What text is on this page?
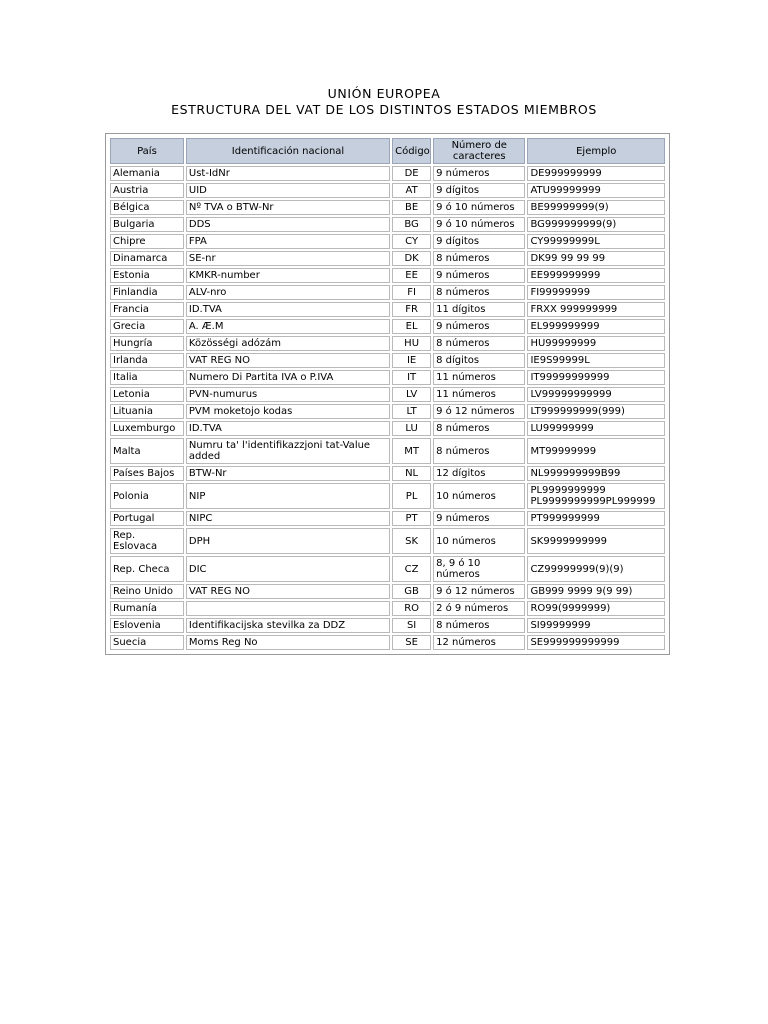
UNIÓN EUROPEA
ESTRUCTURA DEL VAT DE LOS DISTINTOS ESTADOS MIEMBROS
País	Identificación nacional	Código	Número de caracteres	Ejemplo
Alemania	Ust-IdNr	DE	9 números	DE999999999
Austria	UID	AT	9 dígitos	ATU99999999
Bélgica	Nº TVA o BTW-Nr	BE	9 ó 10 números	BE99999999(9)
Bulgaria	DDS	BG	9 ó 10 números	BG999999999(9)
Chipre	FPA	CY	9 dígitos	CY99999999L
Dinamarca	SE-nr	DK	8 números	DK99 99 99 99
Estonia	KMKR-number	EE	9 números	EE999999999
Finlandia	ALV-nro	FI	8 números	FI99999999
Francia	ID.TVA	FR	11 dígitos	FRXX 999999999
Grecia	A. Æ.M	EL	9 números	EL999999999
Hungría	Közösségi adózám	HU	8 números	HU99999999
Irlanda	VAT REG NO	IE	8 dígitos	IE9S99999L
Italia	Numero Di Partita IVA o P.IVA	IT	11 números	IT99999999999
Letonia	PVN-numurus	LV	11 números	LV99999999999
Lituania	PVM moketojo kodas	LT	9 ó 12 números	LT999999999(999)
Luxemburgo	ID.TVA	LU	8 números	LU99999999
Malta	Numru ta' l'identifikazzjoni tat-Value added	MT	8 números	MT99999999
Países Bajos	BTW-Nr	NL	12 dígitos	NL999999999B99
Polonia	NIP	PL	10 números	PL9999999999 PL9999999999PL999999
Portugal	NIPC	PT	9 números	PT999999999
Rep. Eslovaca	DPH	SK	10 números	SK9999999999
Rep. Checa	DIC	CZ	8, 9 ó 10 números	CZ99999999(9)(9)
Reino Unido	VAT REG NO	GB	9 ó 12 números	GB999 9999 9(9 99)
Rumanía		RO	2 ó 9 números	RO99(9999999)
Eslovenia	Identifikacijska stevilka za DDZ	SI	8 números	SI99999999
Suecia	Moms Reg No	SE	12 números	SE999999999999
